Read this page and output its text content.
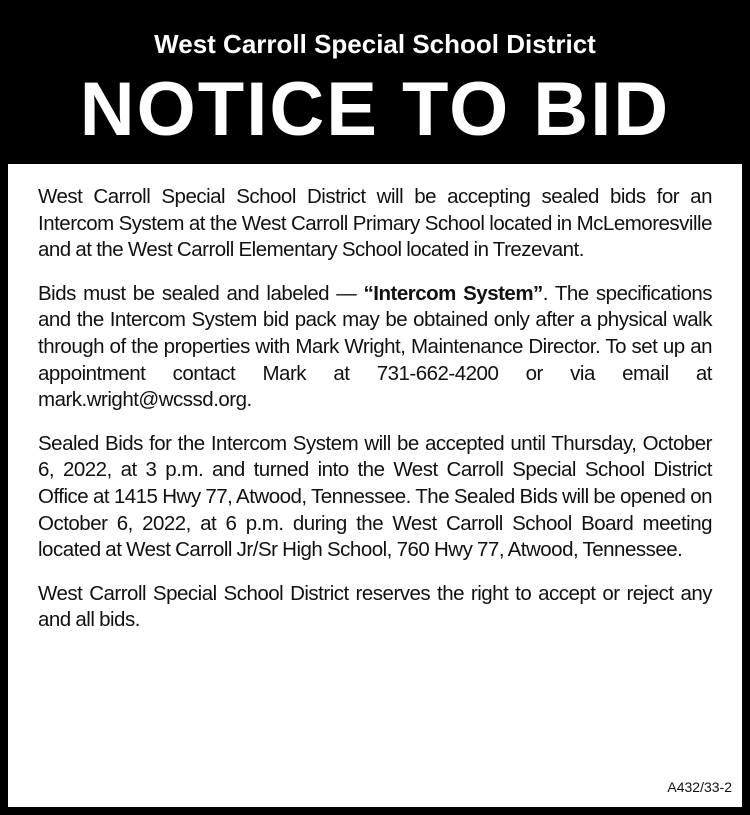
West Carroll Special School District
NOTICE TO BID

West Carroll Special School District will be accepting sealed bids for an Intercom System at the West Carroll Primary School located in McLemoresville and at the West Carroll Elementary School located in Trezevant.

Bids must be sealed and labeled — “Intercom System”. The specifications and the Intercom System bid pack may be obtained only after a physical walk through of the properties with Mark Wright, Maintenance Director. To set up an appointment contact Mark at 731-662-4200 or via email at mark.wright@wcssd.org.

Sealed Bids for the Intercom System will be accepted until Thursday, October 6, 2022, at 3 p.m. and turned into the West Carroll Special School District Office at 1415 Hwy 77, Atwood, Tennessee. The Sealed Bids will be opened on October 6, 2022, at 6 p.m. during the West Carroll School Board meeting located at West Carroll Jr/Sr High School, 760 Hwy 77, Atwood, Tennessee.

West Carroll Special School District reserves the right to accept or reject any and all bids.

A432/33-2
